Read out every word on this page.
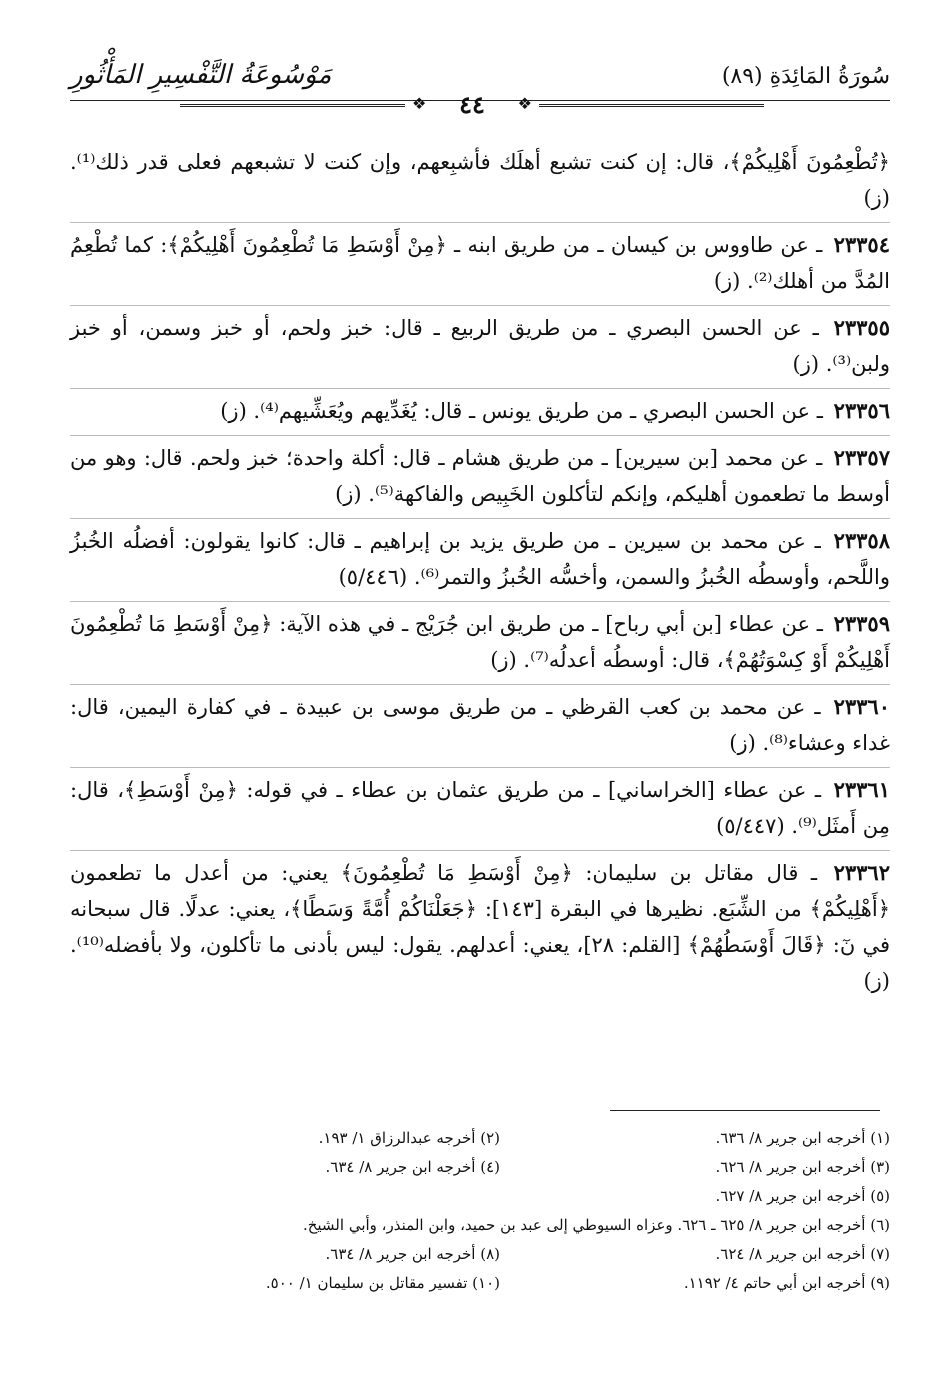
سُورَةُ المَائِدَةِ (٨٩)
مَوْسُوعَةُ التَّفْسِيرِ المَأْثُورِ
❖	٤٤	❖
﴿تُطْعِمُونَ أَهْلِيكُمْ﴾، قال: إن كنت تشبع أهلَك فأشبِعهم، وإن كنت لا تشبعهم فعلى قدر ذلك⁽¹⁾. (ز)
٢٣٣٥٤ ـ عن طاووس بن كيسان ـ من طريق ابنه ـ ﴿مِنْ أَوْسَطِ مَا تُطْعِمُونَ أَهْلِيكُمْ﴾: كما تُطْعِمُ المُدَّ من أهلك⁽²⁾. (ز)
٢٣٣٥٥ ـ عن الحسن البصري ـ من طريق الربيع ـ قال: خبز ولحم، أو خبز وسمن، أو خبز ولبن⁽³⁾. (ز)
٢٣٣٥٦ ـ عن الحسن البصري ـ من طريق يونس ـ قال: يُغَدِّيهم ويُعَشِّيهم⁽⁴⁾. (ز)
٢٣٣٥٧ ـ عن محمد [بن سيرين] ـ من طريق هشام ـ قال: أكلة واحدة؛ خبز ولحم. قال: وهو من أوسط ما تطعمون أهليكم، وإنكم لتأكلون الخَبِيص والفاكهة⁽⁵⁾. (ز)
٢٣٣٥٨ ـ عن محمد بن سيرين ـ من طريق يزيد بن إبراهيم ـ قال: كانوا يقولون: أفضلُه الخُبزُ واللَّحم، وأوسطُه الخُبزُ والسمن، وأخسُّه الخُبزُ والتمر⁽⁶⁾. (٥/٤٤٦)
٢٣٣٥٩ ـ عن عطاء [بن أبي رباح] ـ من طريق ابن جُرَيْج ـ في هذه الآية: ﴿مِنْ أَوْسَطِ مَا تُطْعِمُونَ أَهْلِيكُمْ أَوْ كِسْوَتُهُمْ﴾، قال: أوسطُه أعدلُه⁽⁷⁾. (ز)
٢٣٣٦٠ ـ عن محمد بن كعب القرظي ـ من طريق موسى بن عبيدة ـ في كفارة اليمين، قال: غداء وعشاء⁽⁸⁾. (ز)
٢٣٣٦١ ـ عن عطاء [الخراساني] ـ من طريق عثمان بن عطاء ـ في قوله: ﴿مِنْ أَوْسَطِ﴾، قال: مِن أَمثَل⁽⁹⁾. (٥/٤٤٧)
٢٣٣٦٢ ـ قال مقاتل بن سليمان: ﴿مِنْ أَوْسَطِ مَا تُطْعِمُونَ﴾ يعني: من أعدل ما تطعمون ﴿أَهْلِيكُمْ﴾ من الشِّبَع. نظيرها في البقرة [١٤٣]: ﴿جَعَلْنَاكُمْ أُمَّةً وَسَطًا﴾، يعني: عدلًا. قال سبحانه في نٓ: ﴿قَالَ أَوْسَطُهُمْ﴾ [القلم: ٢٨]، يعني: أعدلهم. يقول: ليس بأدنى ما تأكلون، ولا بأفضله⁽¹⁰⁾. (ز)
(١) أخرجه ابن جرير ٨/ ٦٣٦.
(٢) أخرجه عبدالرزاق ١/ ١٩٣.
(٣) أخرجه ابن جرير ٨/ ٦٢٦.
(٤) أخرجه ابن جرير ٨/ ٦٣٤.
(٥) أخرجه ابن جرير ٨/ ٦٢٧.
(٦) أخرجه ابن جرير ٨/ ٦٢٥ ـ ٦٢٦. وعزاه السيوطي إلى عبد بن حميد، وابن المنذر، وأبي الشيخ.
(٧) أخرجه ابن جرير ٨/ ٦٢٤.
(٨) أخرجه ابن جرير ٨/ ٦٣٤.
(٩) أخرجه ابن أبي حاتم ٤/ ١١٩٢.
(١٠) تفسير مقاتل بن سليمان ١/ ٥٠٠.
